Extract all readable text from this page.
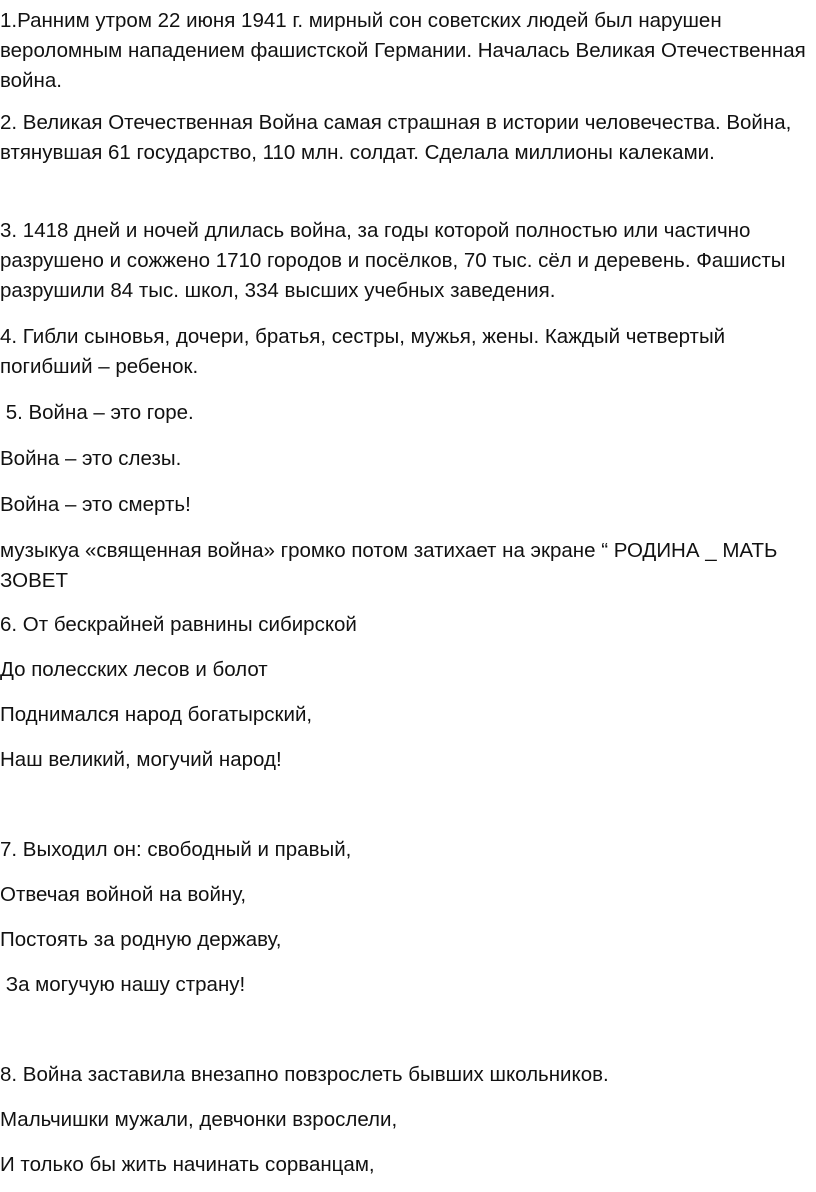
1.Ранним утром 22 июня 1941 г. мирный сон советских людей был нарушен вероломным нападением фашистской Германии. Началась Великая Отечественная война.

2. Великая Отечественная Война самая страшная в истории человечества. Война, втянувшая 61 государство, 110 млн. солдат. Сделала миллионы калеками.

3. 1418 дней и ночей длилась война, за годы которой полностью или частично разрушено и сожжено 1710 городов и посёлков, 70 тыс. сёл и деревень. Фашисты разрушили 84 тыс. школ, 334 высших учебных заведения.

4. Гибли сыновья, дочери, братья, сестры, мужья, жены. Каждый четвертый погибший – ребенок.

5. Война – это горе.

Война – это слезы.

Война – это смерть!

музыкуа «священная война» громко потом затихает на экране “ РОДИНА _ МАТЬ ЗОВЕТ

6. От бескрайней равнины сибирской

До полесских лесов и болот

Поднимался народ богатырский,

Наш великий, могучий народ!

7. Выходил он: свободный и правый,

Отвечая войной на войну,

Постоять за родную державу,

За могучую нашу страну!

8. Война заставила внезапно повзрослеть бывших школьников.

Мальчишки мужали, девчонки взрослели,

И только бы жить начинать сорванцам,
